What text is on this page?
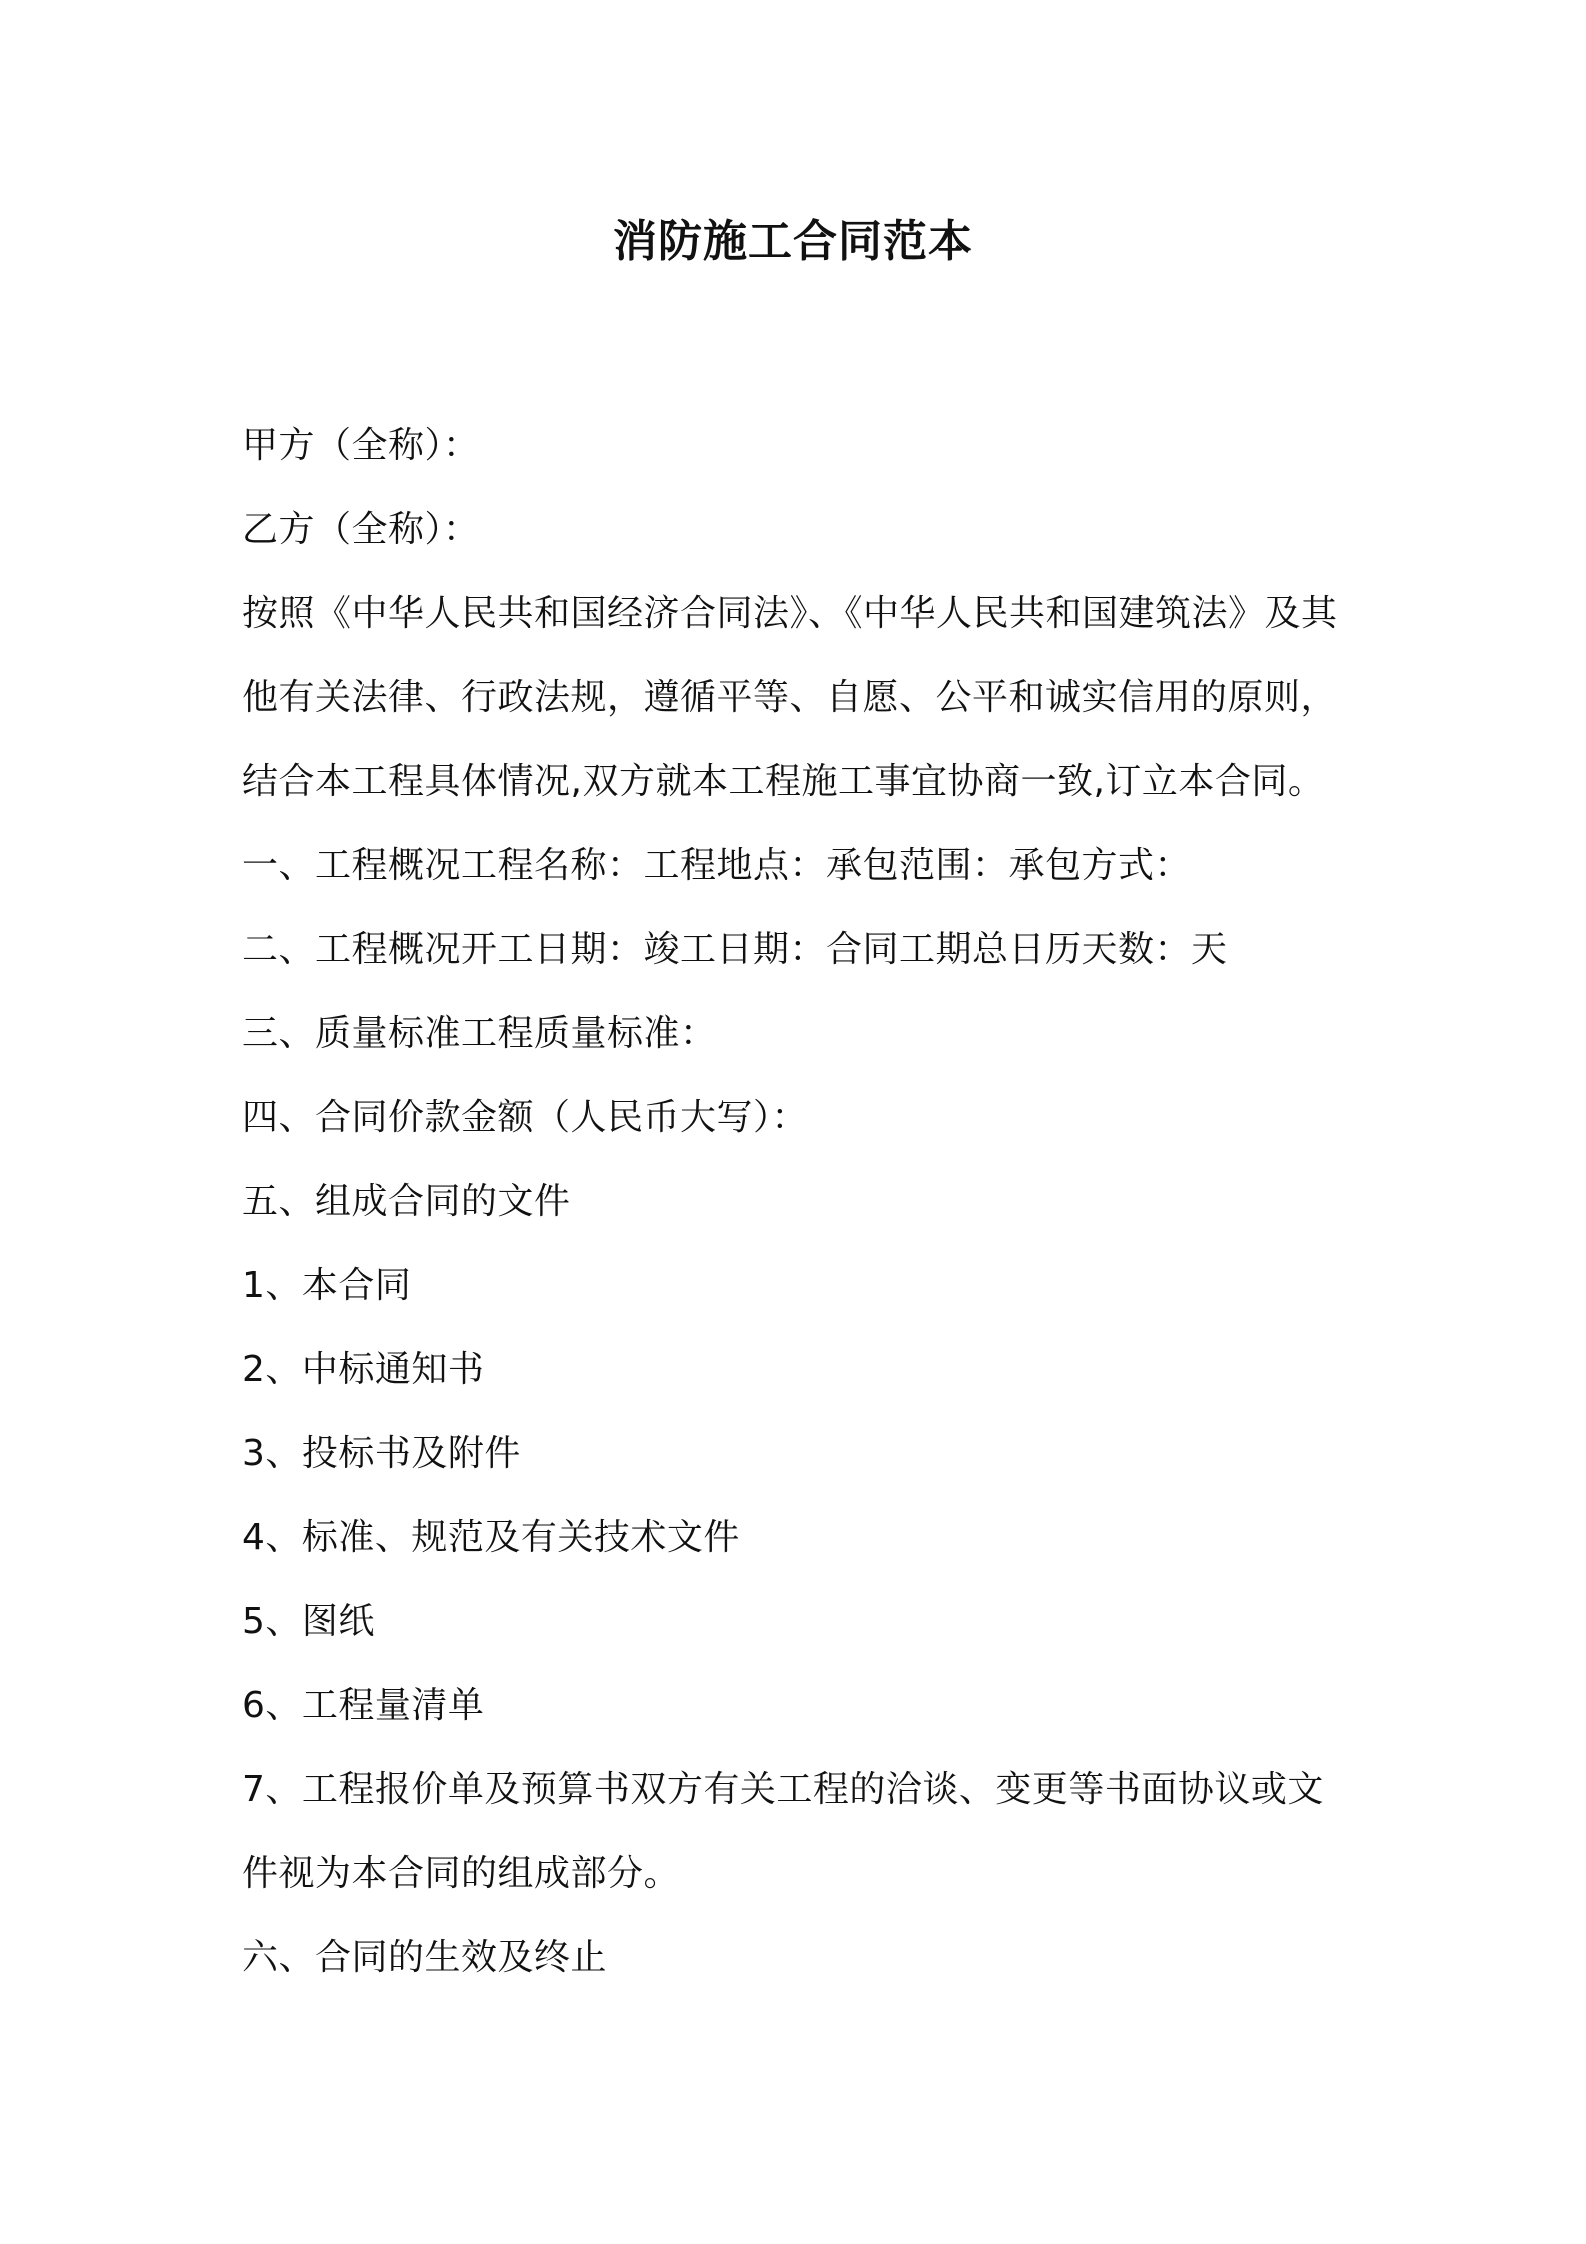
消防施工合同范本
甲方（全称）：
乙方（全称）：
按照《中华人民共和国经济合同法》、《中华人民共和国建筑法》及其
他有关法律、行政法规，遵循平等、自愿、公平和诚实信用的原则，
结合本工程具体情况,双方就本工程施工事宜协商一致,订立本合同。
一、工程概况工程名称：工程地点：承包范围：承包方式：
二、工程概况开工日期：竣工日期：合同工期总日历天数：天
三、质量标准工程质量标准：
四、合同价款金额（人民币大写）：
五、组成合同的文件
1、本合同
2、中标通知书
3、投标书及附件
4、标准、规范及有关技术文件
5、图纸
6、工程量清单
7、工程报价单及预算书双方有关工程的洽谈、变更等书面协议或文
件视为本合同的组成部分。
六、合同的生效及终止
